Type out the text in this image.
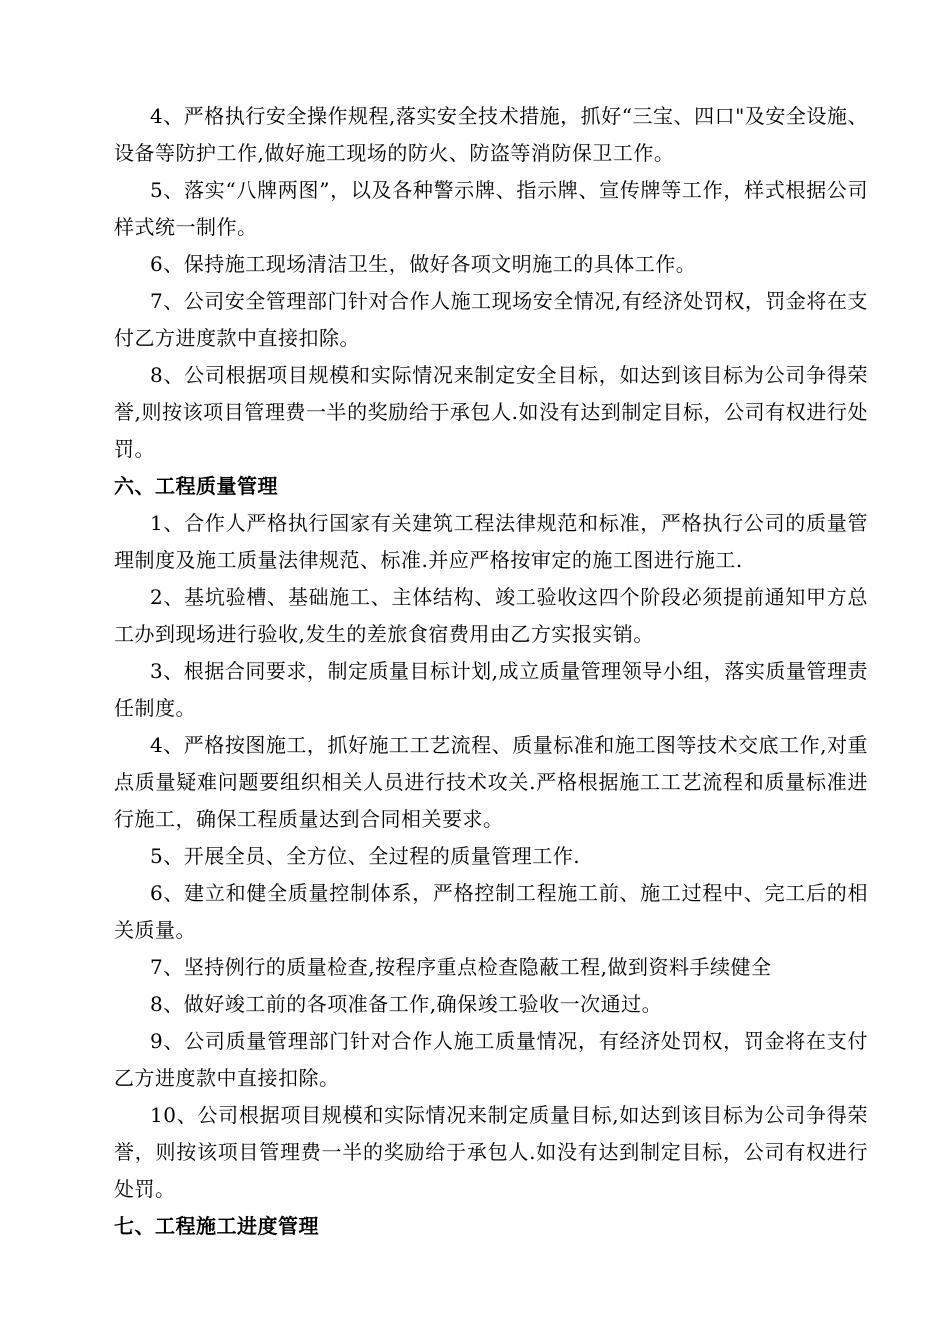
4、严格执行安全操作规程,落实安全技术措施，抓好“三宝、四口"及安全设施、设备等防护工作,做好施工现场的防火、防盗等消防保卫工作。

5、落实“八牌两图”，以及各种警示牌、指示牌、宣传牌等工作，样式根据公司样式统一制作。

6、保持施工现场清洁卫生，做好各项文明施工的具体工作。

7、公司安全管理部门针对合作人施工现场安全情况,有经济处罚权，罚金将在支付乙方进度款中直接扣除。

8、公司根据项目规模和实际情况来制定安全目标，如达到该目标为公司争得荣誉,则按该项目管理费一半的奖励给于承包人.如没有达到制定目标，公司有权进行处罚。

六、工程质量管理

1、合作人严格执行国家有关建筑工程法律规范和标准，严格执行公司的质量管理制度及施工质量法律规范、标准.并应严格按审定的施工图进行施工.

2、基坑验槽、基础施工、主体结构、竣工验收这四个阶段必须提前通知甲方总工办到现场进行验收,发生的差旅食宿费用由乙方实报实销。

3、根据合同要求，制定质量目标计划,成立质量管理领导小组，落实质量管理责任制度。

4、严格按图施工，抓好施工工艺流程、质量标准和施工图等技术交底工作,对重点质量疑难问题要组织相关人员进行技术攻关.严格根据施工工艺流程和质量标准进行施工，确保工程质量达到合同相关要求。

5、开展全员、全方位、全过程的质量管理工作.

6、建立和健全质量控制体系，严格控制工程施工前、施工过程中、完工后的相关质量。

7、坚持例行的质量检查,按程序重点检查隐蔽工程,做到资料手续健全

8、做好竣工前的各项准备工作,确保竣工验收一次通过。

9、公司质量管理部门针对合作人施工质量情况，有经济处罚权，罚金将在支付乙方进度款中直接扣除。

10、公司根据项目规模和实际情况来制定质量目标,如达到该目标为公司争得荣誉，则按该项目管理费一半的奖励给于承包人.如没有达到制定目标，公司有权进行处罚。

七、工程施工进度管理
